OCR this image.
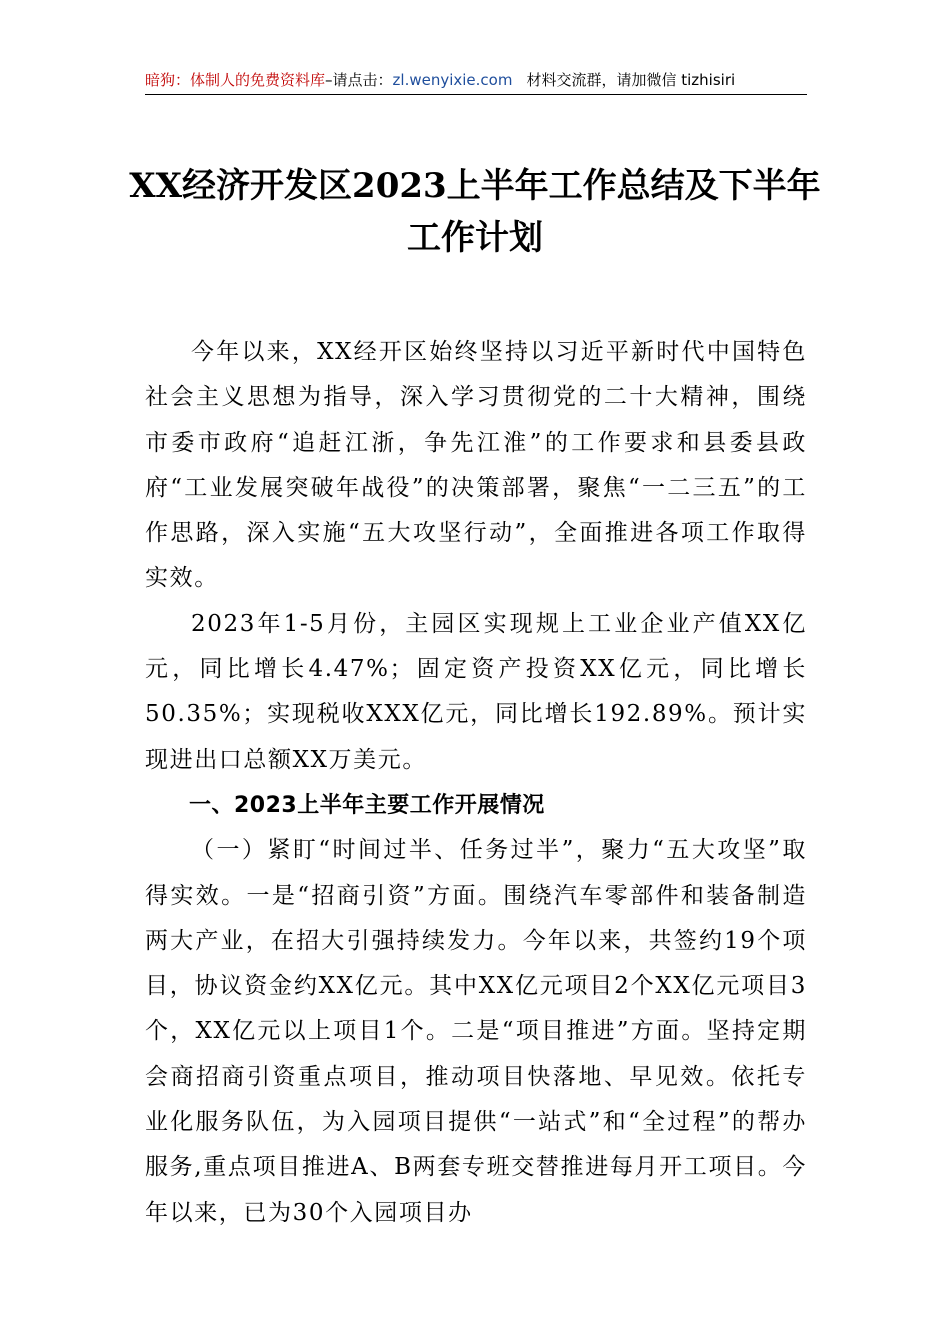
暗狗：体制人的免费资料库–请点击：zl.wenyixie.com 材料交流群，请加微信 tizhisiri
XX经济开发区2023上半年工作总结及下半年工作计划

今年以来，XX经开区始终坚持以习近平新时代中国特色社会主义思想为指导，深入学习贯彻党的二十大精神，围绕市委市政府“追赶江浙，争先江淮”的工作要求和县委县政府“工业发展突破年战役”的决策部署，聚焦“一二三五”的工作思路，深入实施“五大攻坚行动”，全面推进各项工作取得实效。

2023年1-5月份，主园区实现规上工业企业产值XX亿元，同比增长4.47%；固定资产投资XX亿元，同比增长50.35%；实现税收XXX亿元，同比增长192.89%。预计实现进出口总额XX万美元。

一、2023上半年主要工作开展情况

（一）紧盯“时间过半、任务过半”，聚力“五大攻坚”取得实效。一是“招商引资”方面。围绕汽车零部件和装备制造两大产业，在招大引强持续发力。今年以来，共签约19个项目，协议资金约XX亿元。其中XX亿元项目2个XX亿元项目3个，XX亿元以上项目1个。二是“项目推进”方面。坚持定期会商招商引资重点项目，推动项目快落地、早见效。依托专业化服务队伍，为入园项目提供“一站式”和“全过程”的帮办服务,重点项目推进A、B两套专班交替推进每月开工项目。今年以来，已为30个入园项目办
